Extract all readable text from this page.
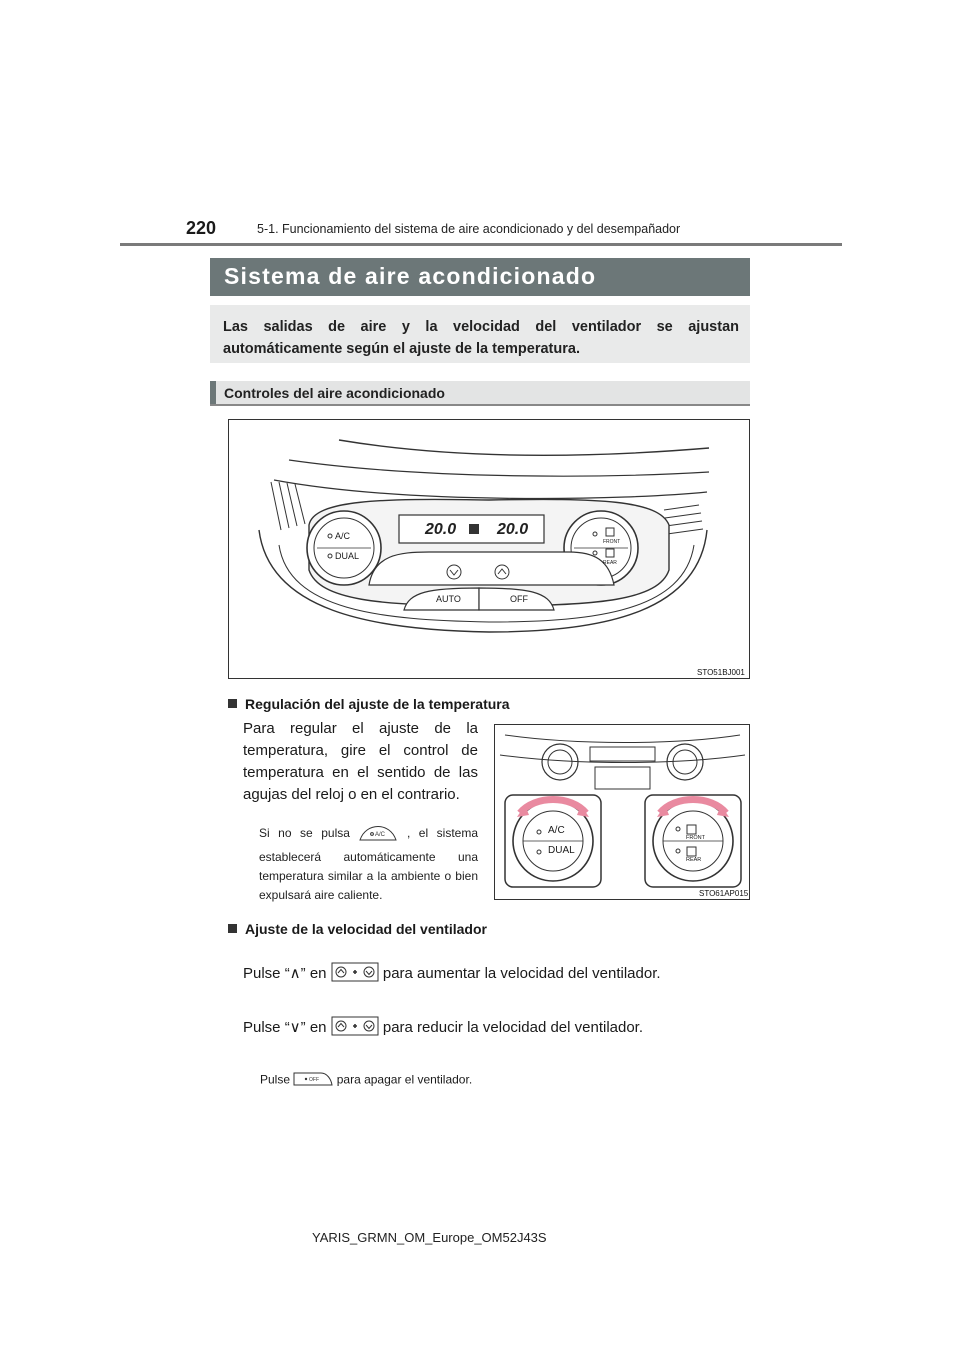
220	5-1. Funcionamiento del sistema de aire acondicionado y del desempañador
Sistema de aire acondicionado

Las salidas de aire y la velocidad del ventilador se ajustan automáticamente según el ajuste de la temperatura.

Controles del aire acondicionado
20.0	20.0
A/C
DUAL
FRONT
REAR
AUTO	OFF
STO51BJ001
Regulación del ajuste de la temperatura
Para regular el ajuste de la temperatura, gire el control de temperatura en el sentido de las agujas del reloj o en el contrario.
Si no se pulsa	A/C , el sistema establecerá automáticamente una temperatura similar a la ambiente o bien expulsará aire caliente.
A/C
DUAL
FRONT
REAR
STO61AP015
Ajuste de la velocidad del ventilador
Pulse “∧” en	para aumentar la velocidad del ventilador.
Pulse “∨” en	para reducir la velocidad del ventilador.
Pulse	OFF para apagar el ventilador.
YARIS_GRMN_OM_Europe_OM52J43S
